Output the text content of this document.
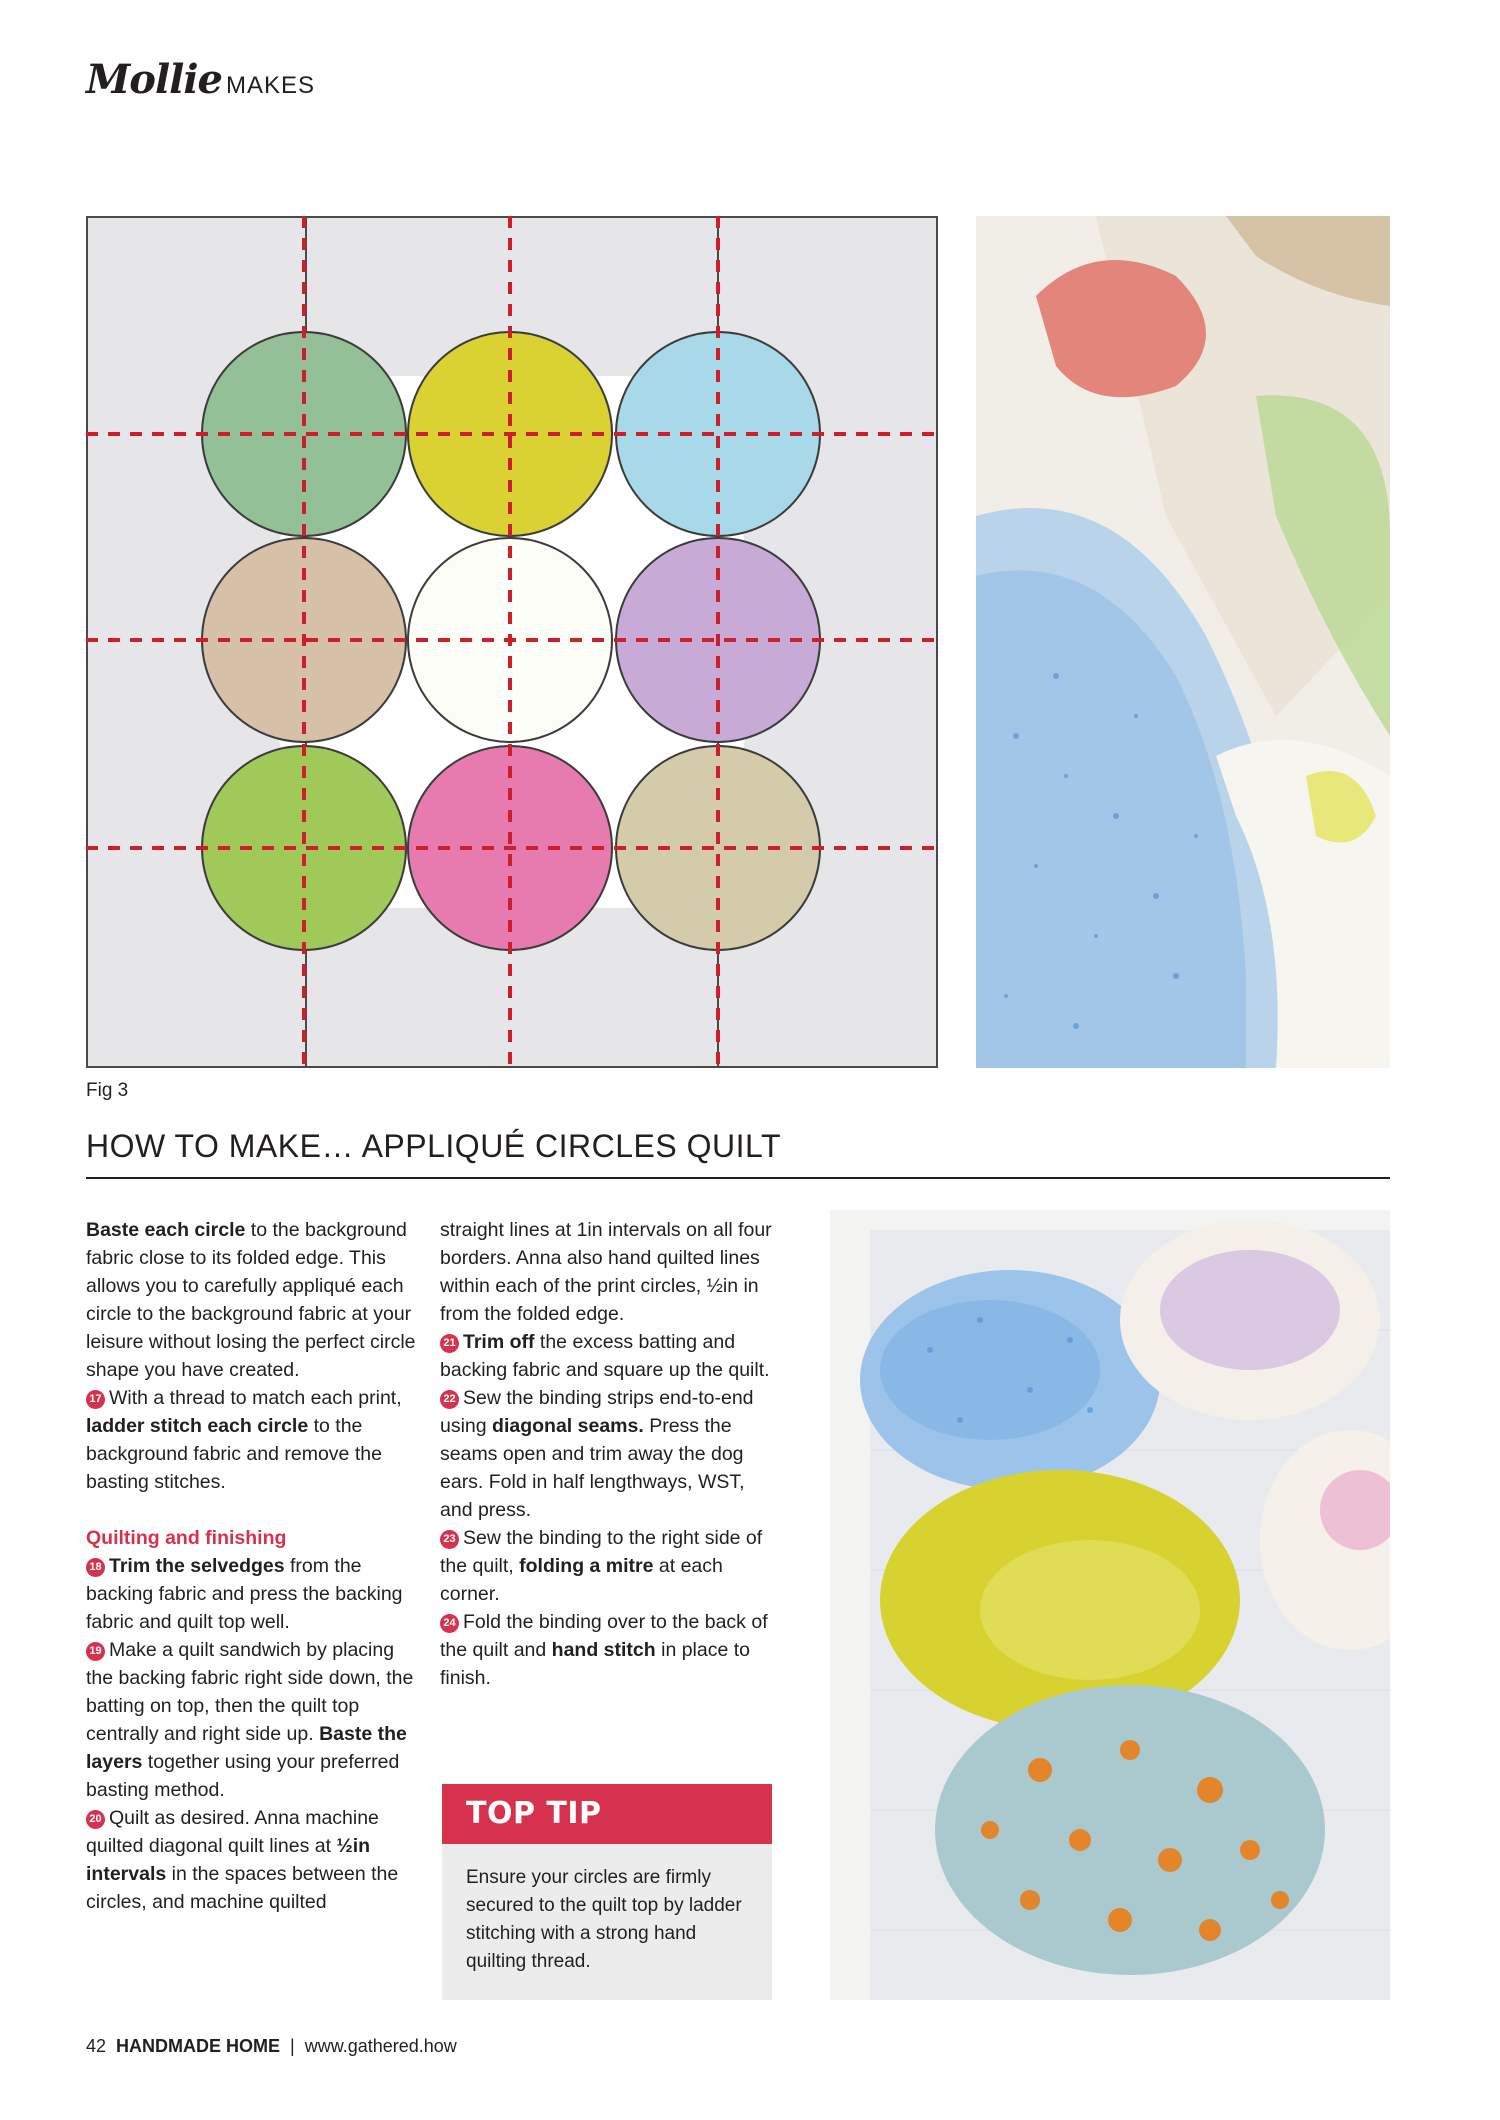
Mollie MAKES
Fig 3
HOW TO MAKE… APPLIQUÉ CIRCLES QUILT

Baste each circle to the background fabric close to its folded edge. This allows you to carefully appliqué each circle to the background fabric at your leisure without losing the perfect circle shape you have created.

17 With a thread to match each print, ladder stitch each circle to the background fabric and remove the basting stitches.

Quilting and finishing

18 Trim the selvedges from the backing fabric and press the backing fabric and quilt top well.

19 Make a quilt sandwich by placing the backing fabric right side down, the batting on top, then the quilt top centrally and right side up. Baste the layers together using your preferred basting method.

20 Quilt as desired. Anna machine quilted diagonal quilt lines at ½in intervals in the spaces between the circles, and machine quilted

straight lines at 1in intervals on all four borders. Anna also hand quilted lines within each of the print circles, ½in in from the folded edge.

21 Trim off the excess batting and backing fabric and square up the quilt.

22 Sew the binding strips end-to-end using diagonal seams. Press the seams open and trim away the dog ears. Fold in half lengthways, WST, and press.

23 Sew the binding to the right side of the quilt, folding a mitre at each corner.

24 Fold the binding over to the back of the quilt and hand stitch in place to finish.

TOP TIP
Ensure your circles are firmly secured to the quilt top by ladder stitching with a strong hand quilting thread.
42 HANDMADE HOME | www.gathered.how
